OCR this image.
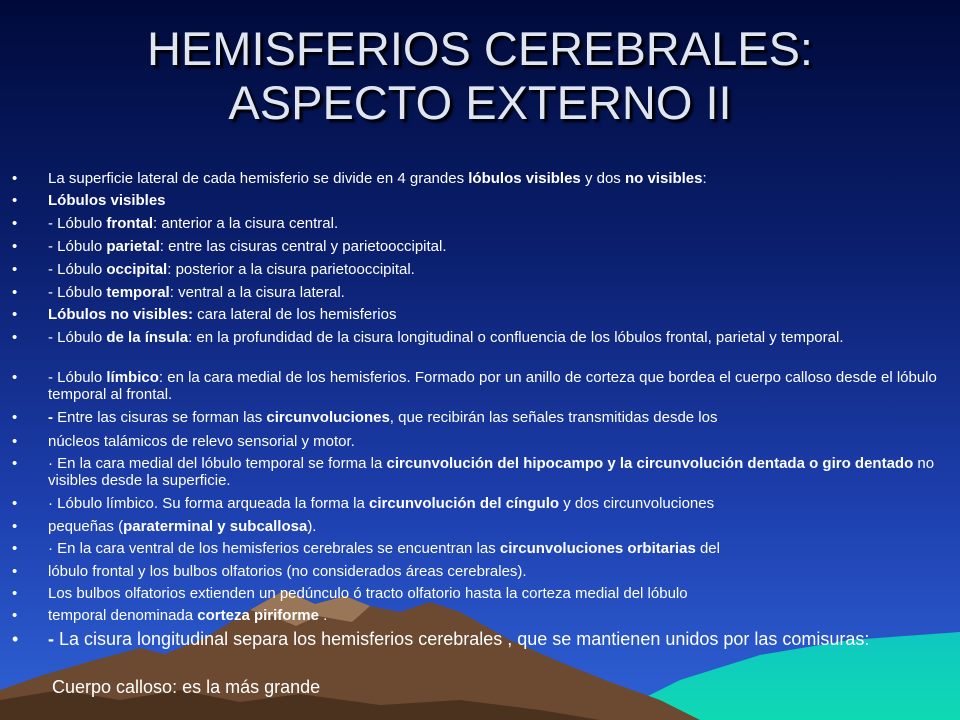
HEMISFERIOS CEREBRALES:
ASPECTO EXTERNO II
• La superficie lateral de cada hemisferio se divide en 4 grandes lóbulos visibles y dos no visibles:
• Lóbulos visibles
• - Lóbulo frontal: anterior a la cisura central.
• - Lóbulo parietal: entre las cisuras central y parietooccipital.
• - Lóbulo occipital: posterior a la cisura parietooccipital.
• - Lóbulo temporal: ventral a la cisura lateral.
• Lóbulos no visibles: cara lateral de los hemisferios
• - Lóbulo de la ínsula: en la profundidad de la cisura longitudinal o confluencia de los lóbulos frontal, parietal y temporal.
• - Lóbulo límbico: en la cara medial de los hemisferios. Formado por un anillo de corteza que bordea el cuerpo calloso desde el lóbulo temporal al frontal.
• - Entre las cisuras se forman las circunvoluciones, que recibirán las señales transmitidas desde los
• núcleos talámicos de relevo sensorial y motor.
• · En la cara medial del lóbulo temporal se forma la circunvolución del hipocampo y la circunvolución dentada o giro dentado no visibles desde la superficie.
• · Lóbulo límbico. Su forma arqueada la forma la circunvolución del cíngulo y dos circunvoluciones
• pequeñas (paraterminal y subcallosa).
• · En la cara ventral de los hemisferios cerebrales se encuentran las circunvoluciones orbitarias del
• lóbulo frontal y los bulbos olfatorios (no considerados áreas cerebrales).
• Los bulbos olfatorios extienden un pedúnculo ó tracto olfatorio hasta la corteza medial del lóbulo
• temporal denominada corteza piriforme .
• - La cisura longitudinal separa los hemisferios cerebrales , que se mantienen unidos por las comisuras:
Cuerpo calloso: es la más grande
